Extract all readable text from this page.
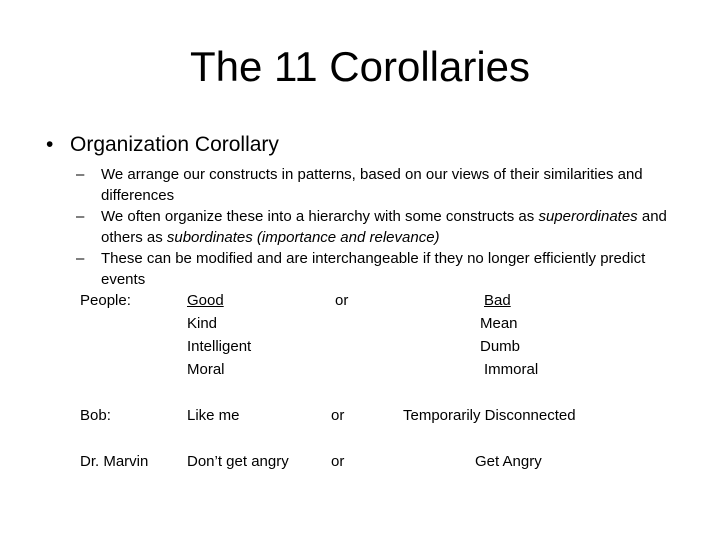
The 11 Corollaries
• Organization Corollary
– We arrange our constructs in patterns, based on our views of their similarities and differences
– We often organize these into a hierarchy with some constructs as superordinates and others as subordinates (importance and relevance)
– These can be modified and are interchangeable if they no longer efficiently predict events
People:	Good	or	Bad
Kind	Mean
Intelligent	Dumb
Moral	Immoral
Bob:	Like me	or	Temporarily Disconnected
Dr. Marvin	Don’t get angry	or	Get Angry
